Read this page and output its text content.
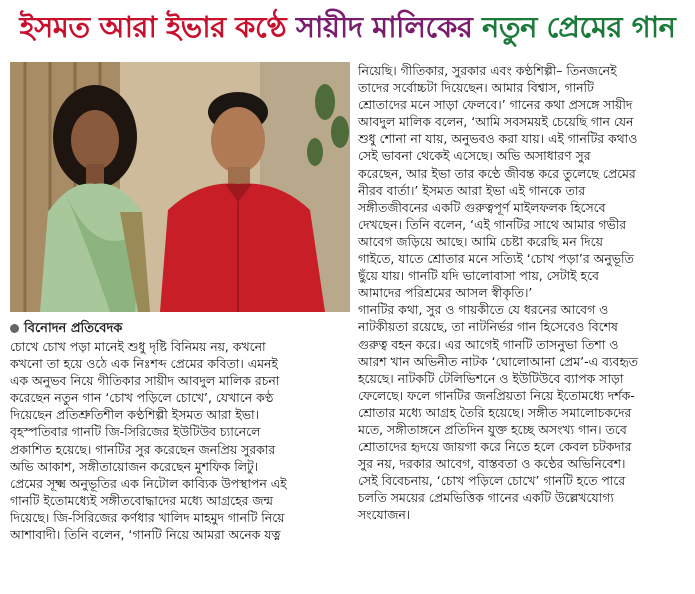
ইসমত আরা ইভার কণ্ঠে সায়ীদ মালিকের নতুন প্রেমের গান
বিনোদন প্রতিবেদক
চোখে চোখ পড়া মানেই শুধু দৃষ্টি বিনিময় নয়, কখনো
কখনো তা হয়ে ওঠে এক নিঃশব্দ প্রেমের কবিতা। এমনই
এক অনুভব নিয়ে গীতিকার সায়ীদ আবদুল মালিক রচনা
করেছেন নতুন গান ‘চোখ পড়িলে চোখে’, যেখানে কণ্ঠ
দিয়েছেন প্রতিশ্রুতিশীল কণ্ঠশিল্পী ইসমত আরা ইভা।
বৃহস্পতিবার গানটি জি-সিরিজের ইউটিউব চ্যানেলে
প্রকাশিত হয়েছে। গানটির সুর করেছেন জনপ্রিয় সুরকার
অভি আকাশ, সঙ্গীতায়োজন করেছেন মুশফিক লিটু।
প্রেমের সূক্ষ্ম অনুভূতির এক নিটোল কাব্যিক উপস্থাপন এই
গানটি ইতোমধ্যেই সঙ্গীতবোদ্ধাদের মধ্যে আগ্রহের জন্ম
দিয়েছে। জি-সিরিজের কর্ণধার খালিদ মাহমুদ গানটি নিয়ে
আশাবাদী। তিনি বলেন, ‘গানটি নিয়ে আমরা অনেক যত্ন
নিয়েছি। গীতিকার, সুরকার এবং কণ্ঠশিল্পী– তিনজনেই
তাদের সর্বোচ্চটা দিয়েছেন। আমার বিশ্বাস, গানটি
শ্রোতাদের মনে সাড়া ফেলবে।’ গানের কথা প্রসঙ্গে সায়ীদ
আবদুল মালিক বলেন, ‘আমি সবসময়ই চেয়েছি গান যেন
শুধু শোনা না যায়, অনুভবও করা যায়। এই গানটির কথাও
সেই ভাবনা থেকেই এসেছে। অভি অসাধারণ সুর
করেছেন, আর ইভা তার কণ্ঠে জীবন্ত করে তুলেছে প্রেমের
নীরব বার্তা।’ ইসমত আরা ইভা এই গানকে তার
সঙ্গীতজীবনের একটি গুরুত্বপূর্ণ মাইলফলক হিসেবে
দেখছেন। তিনি বলেন, ‘এই গানটির সাথে আমার গভীর
আবেগ জড়িয়ে আছে। আমি চেষ্টা করেছি মন দিয়ে
গাইতে, যাতে শ্রোতার মনে সত্যিই ‘চোখ পড়া’র অনুভূতি
ছুঁয়ে যায়। গানটি যদি ভালোবাসা পায়, সেটাই হবে
আমাদের পরিশ্রমের আসল স্বীকৃতি।’
গানটির কথা, সুর ও গায়কীতে যে ধরনের আবেগ ও
নাটকীয়তা রয়েছে, তা নাটনির্ভর গান হিসেবেও বিশেষ
গুরুত্ব বহন করে। এর আগেই গানটি তাসনুভা তিশা ও
আরশ খান অভিনীত নাটক ‘ঘোলোআনা প্রেম’-এ ব্যবহৃত
হয়েছে। নাটকটি টেলিভিশনে ও ইউটিউবে ব্যাপক সাড়া
ফেলেছে। ফলে গানটির জনপ্রিয়তা নিয়ে ইতোমধ্যে দর্শক-
শ্রোতার মধ্যে আগ্রহ তৈরি হয়েছে। সঙ্গীত সমালোচকদের
মতে, সঙ্গীতাঙ্গনে প্রতিদিন যুক্ত হচ্ছে অসংখ্য গান। তবে
শ্রোতাদের হৃদয়ে জায়গা করে নিতে হলে কেবল চটকদার
সুর নয়, দরকার আবেগ, বাস্তবতা ও কণ্ঠের অভিনিবেশ।
সেই বিবেচনায়, ‘চোখ পড়িলে চোখে’ গানটি হতে পারে
চলতি সময়ের প্রেমভিত্তিক গানের একটি উল্লেখযোগ্য
সংযোজন।
